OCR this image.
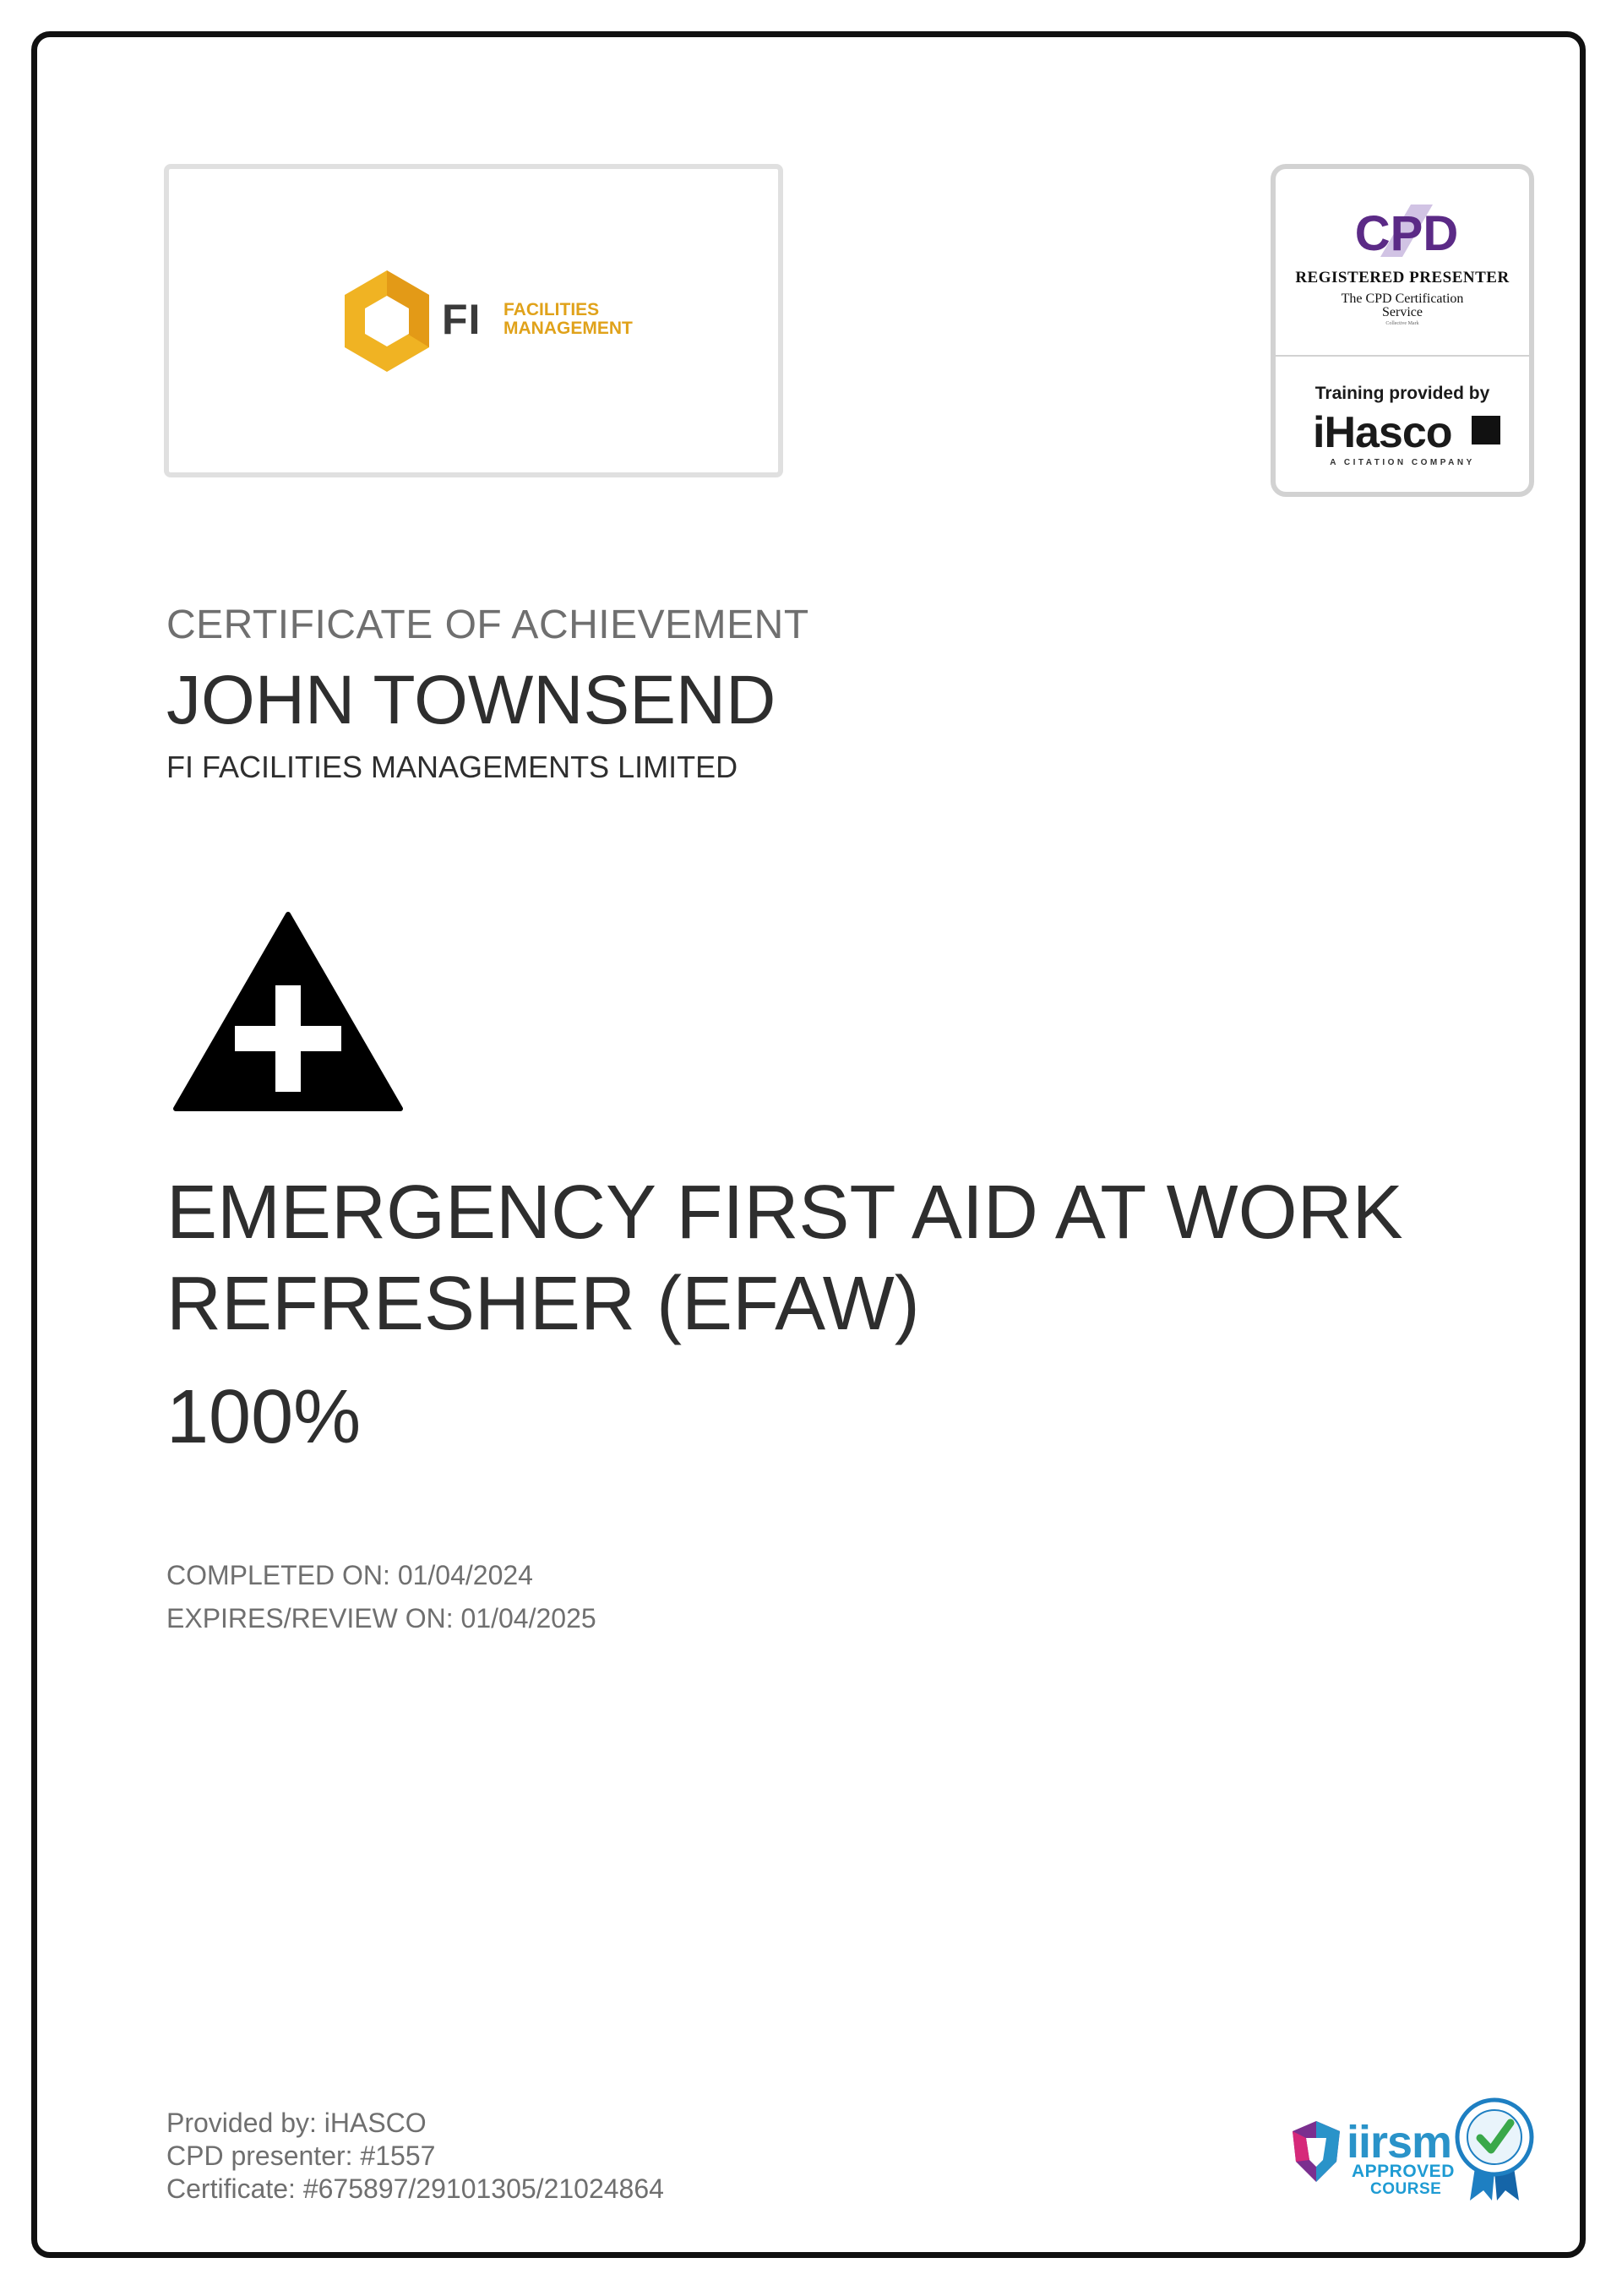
FI FACILITIES
MANAGEMENT
CPD
REGISTERED PRESENTER
The CPD Certification
Service
Collective Mark
Training provided by
iHasco
A CITATION COMPANY
CERTIFICATE OF ACHIEVEMENT
JOHN TOWNSEND
FI FACILITIES MANAGEMENTS LIMITED
EMERGENCY FIRST AID AT WORK
REFRESHER (EFAW)
100%
COMPLETED ON: 01/04/2024
EXPIRES/REVIEW ON: 01/04/2025
Provided by: iHASCO
CPD presenter: #1557
Certificate: #675897/29101305/21024864
iirsm
APPROVED
COURSE
